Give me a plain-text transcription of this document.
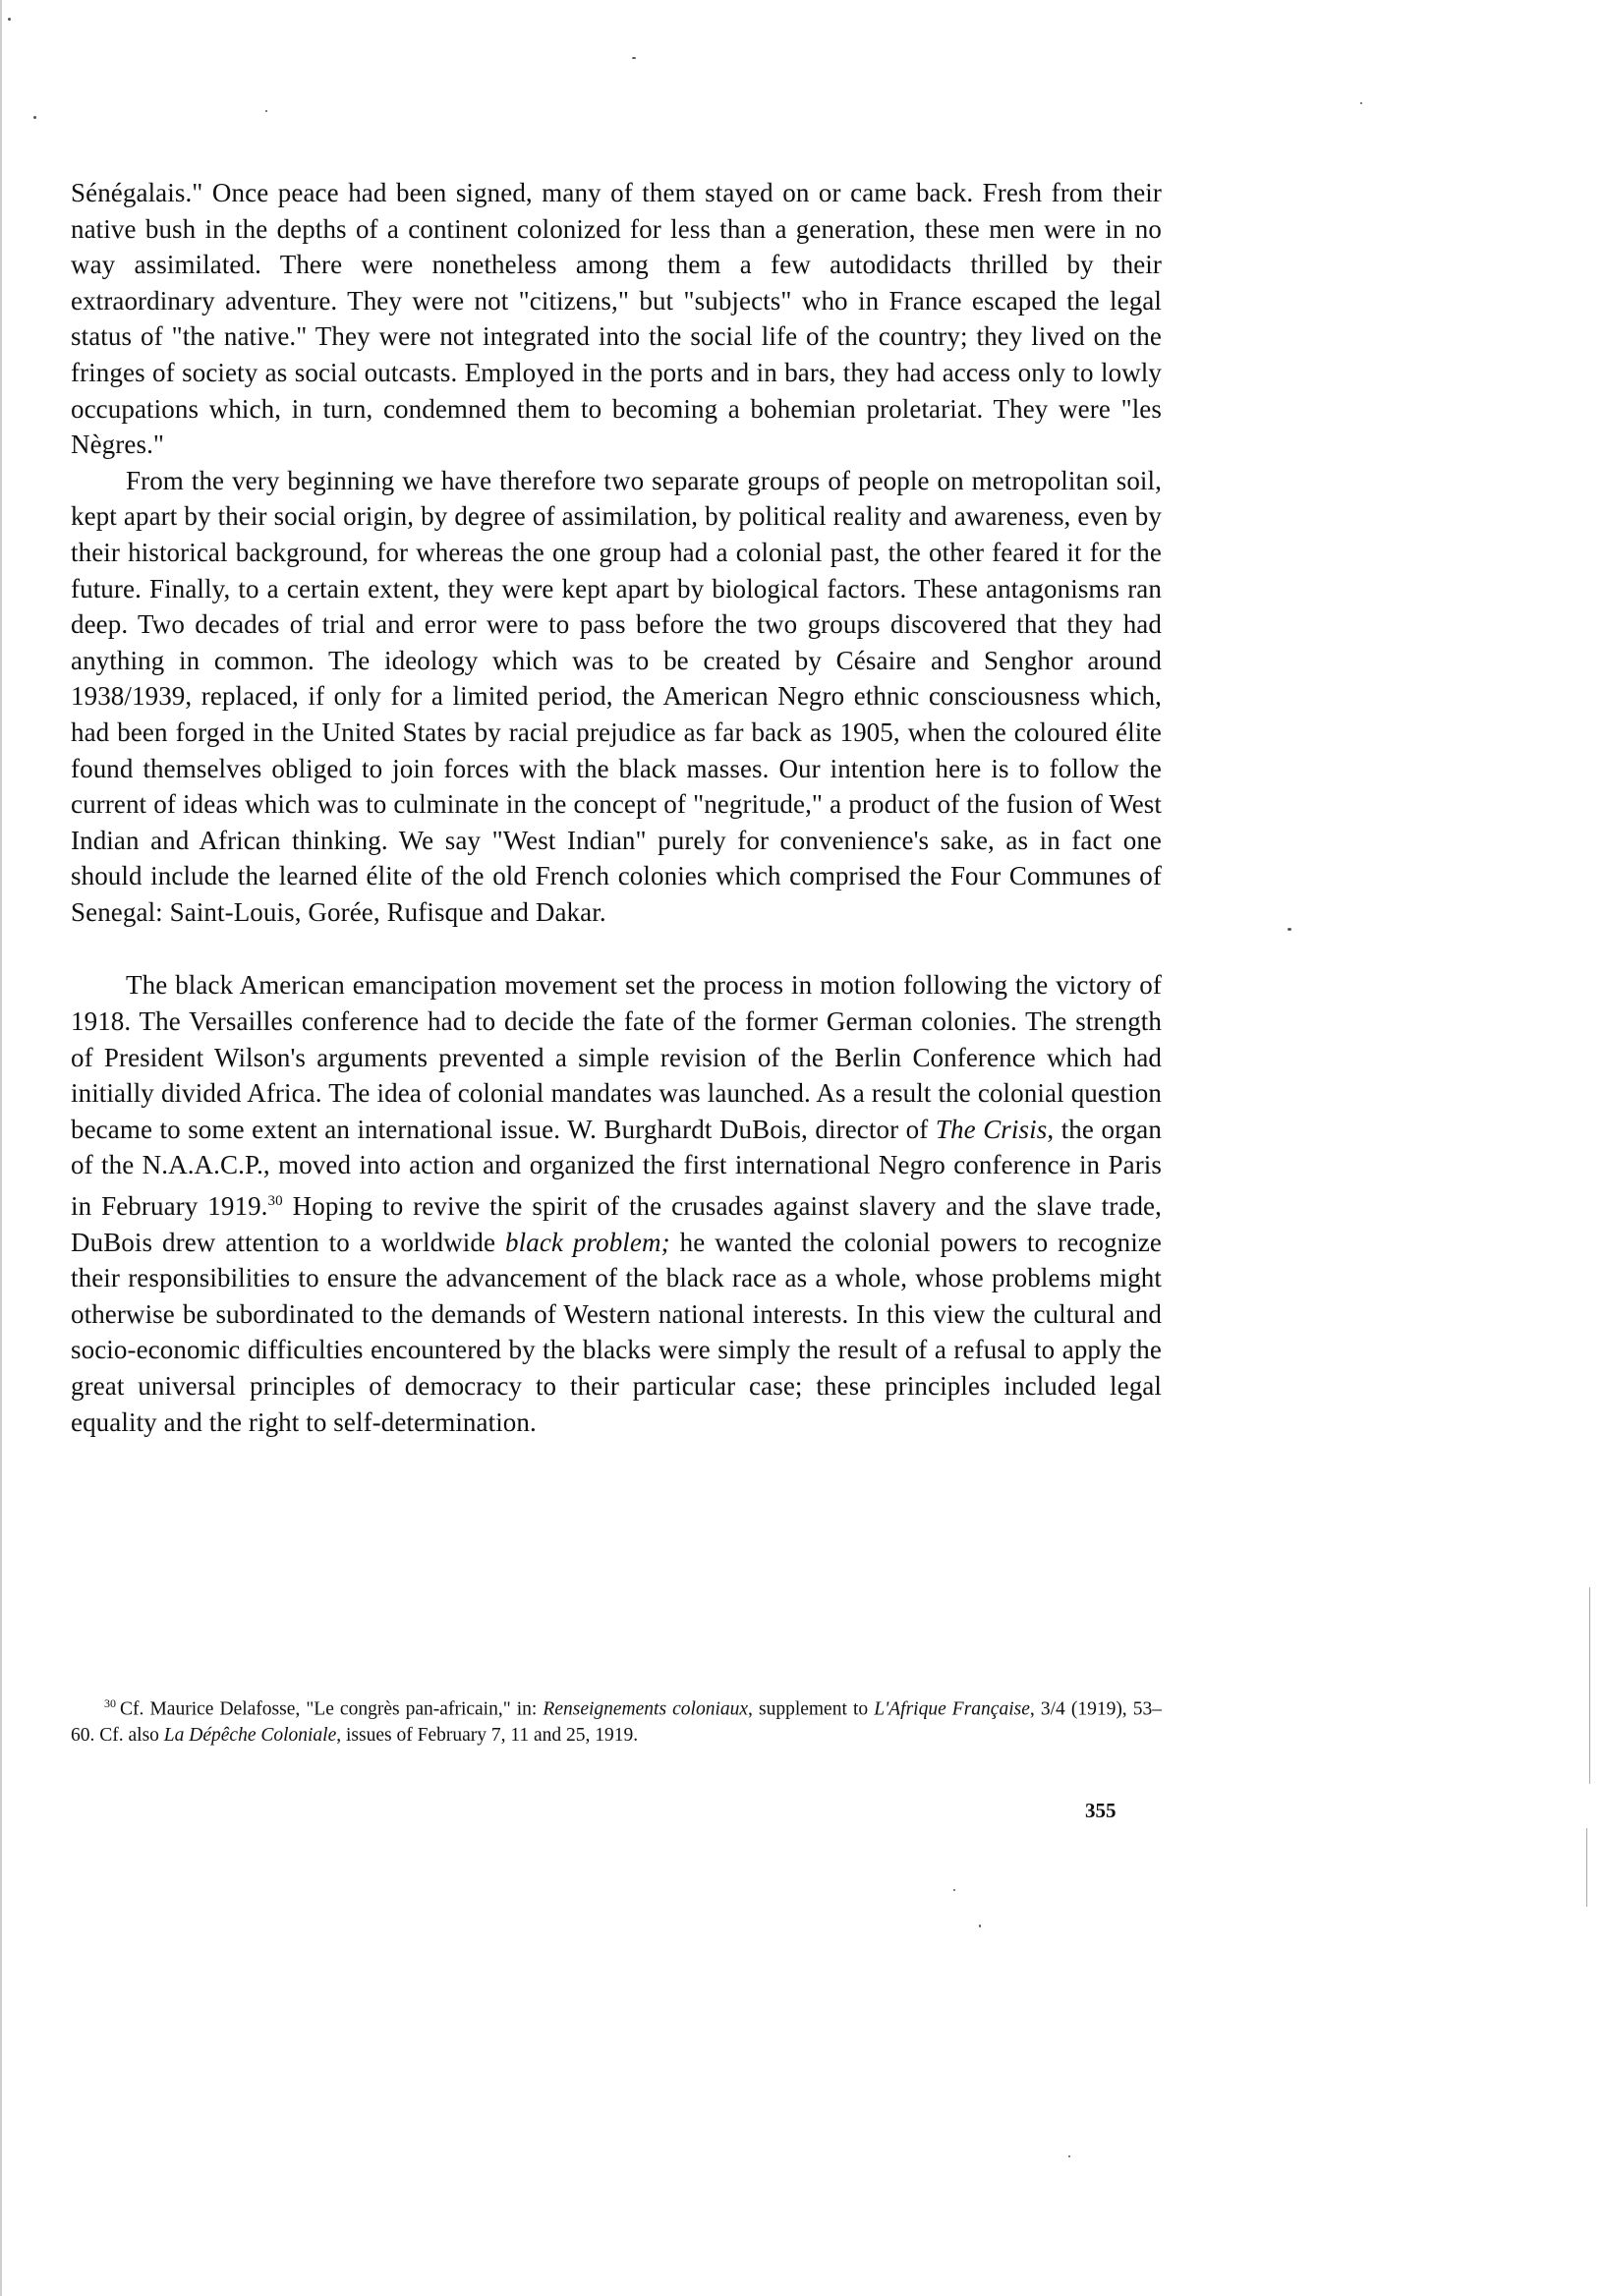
Sénégalais." Once peace had been signed, many of them stayed on or came back. Fresh from their native bush in the depths of a continent colonized for less than a generation, these men were in no way assimilated. There were nonetheless among them a few autodidacts thrilled by their extraordinary adventure. They were not "citizens," but "subjects" who in France escaped the legal status of "the native." They were not integrated into the social life of the country; they lived on the fringes of society as social outcasts. Employed in the ports and in bars, they had access only to lowly occupations which, in turn, condemned them to becoming a bohemian proletariat. They were "les Nègres."

From the very beginning we have therefore two separate groups of people on metropolitan soil, kept apart by their social origin, by degree of assimilation, by political reality and awareness, even by their historical background, for whereas the one group had a colonial past, the other feared it for the future. Finally, to a certain extent, they were kept apart by biological factors. These antagonisms ran deep. Two decades of trial and error were to pass before the two groups discovered that they had anything in common. The ideology which was to be created by Césaire and Senghor around 1938/1939, replaced, if only for a limited period, the American Negro ethnic consciousness which, had been forged in the United States by racial prejudice as far back as 1905, when the coloured élite found themselves obliged to join forces with the black masses. Our intention here is to follow the current of ideas which was to culminate in the concept of "negritude," a product of the fusion of West Indian and African thinking. We say "West Indian" purely for convenience's sake, as in fact one should include the learned élite of the old French colonies which comprised the Four Communes of Senegal: Saint-Louis, Gorée, Rufisque and Dakar.

The black American emancipation movement set the process in motion following the victory of 1918. The Versailles conference had to decide the fate of the former German colonies. The strength of President Wilson's arguments prevented a simple revision of the Berlin Conference which had initially divided Africa. The idea of colonial mandates was launched. As a result the colonial question became to some extent an international issue. W. Burghardt DuBois, director of The Crisis, the organ of the N.A.A.C.P., moved into action and organized the first international Negro conference in Paris in February 1919.30 Hoping to revive the spirit of the crusades against slavery and the slave trade, DuBois drew attention to a worldwide black problem; he wanted the colonial powers to recognize their responsibilities to ensure the advancement of the black race as a whole, whose problems might otherwise be subordinated to the demands of Western national interests. In this view the cultural and socio-economic difficulties encountered by the blacks were simply the result of a refusal to apply the great universal principles of democracy to their particular case; these principles included legal equality and the right to self-determination.

$^{30}$ Cf. Maurice Delafosse, "Le congrès pan-africain," in: Renseignements coloniaux, supplement to L'Afrique Française, 3/4 (1919), 53–60. Cf. also La Dépêche Coloniale, issues of February 7, 11 and 25, 1919.

355
